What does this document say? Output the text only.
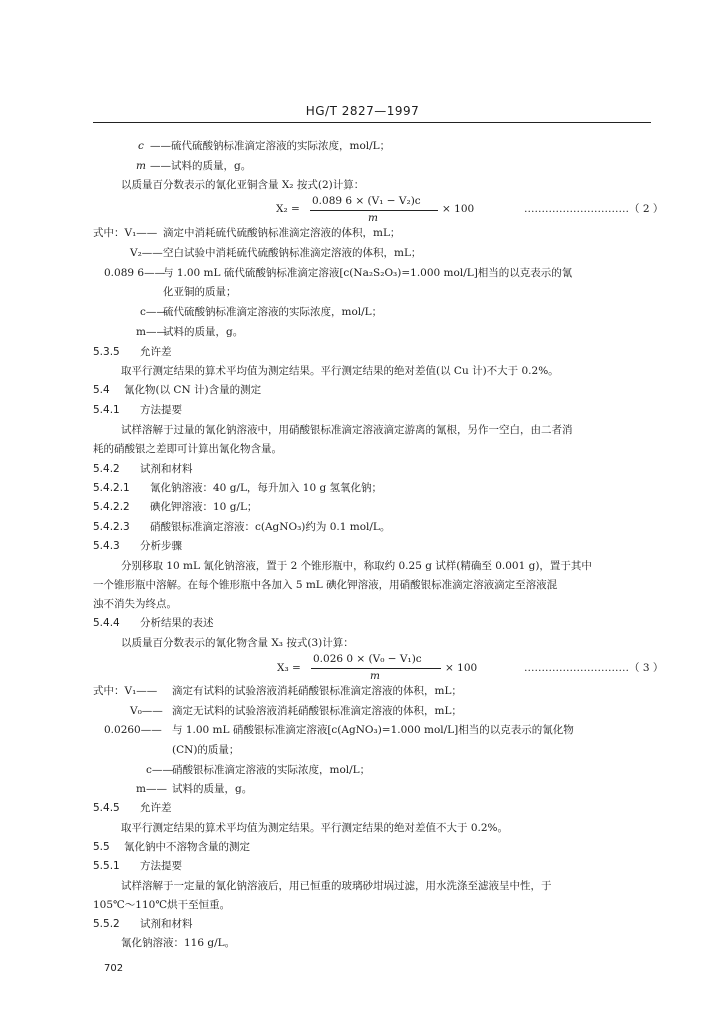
HG/T 2827—1997
c ——硫代硫酸钠标准滴定溶液的实际浓度，mol/L；
m ——试料的质量，g。
以质量百分数表示的氰化亚铜含量 X₂ 按式(2)计算：
X₂ =
0.089 6 × (V₁ − V₂)c
m
× 100	…………………………（ 2 ）
式中：V₁—— 滴定中消耗硫代硫酸钠标准滴定溶液的体积，mL；
V₂—— 空白试验中消耗硫代硫酸钠标准滴定溶液的体积，mL；
0.089 6——
与 1.00 mL 硫代硫酸钠标准滴定溶液[c(Na₂S₂O₃)=1.000 mol/L]相当的以克表示的氰
化亚铜的质量；
c——
硫代硫酸钠标准滴定溶液的实际浓度，mol/L；
m——
试料的质量，g。
5.3.5 允许差
取平行测定结果的算术平均值为测定结果。平行测定结果的绝对差值(以 Cu 计)不大于 0.2%。
5.4 氰化物(以 CN 计)含量的测定
5.4.1 方法提要
试样溶解于过量的氰化钠溶液中，用硝酸银标准滴定溶液滴定游离的氰根，另作一空白，由二者消
耗的硝酸银之差即可计算出氰化物含量。
5.4.2 试剂和材料
5.4.2.1 氰化钠溶液：40 g/L，每升加入 10 g 氢氧化钠；
5.4.2.2 碘化钾溶液：10 g/L；
5.4.2.3 硝酸银标准滴定溶液：c(AgNO₃)约为 0.1 mol/L。
5.4.3 分析步骤
分别移取 10 mL 氰化钠溶液，置于 2 个锥形瓶中，称取约 0.25 g 试样(精确至 0.001 g)，置于其中
一个锥形瓶中溶解。在每个锥形瓶中各加入 5 mL 碘化钾溶液，用硝酸银标准滴定溶液滴定至溶液混
浊不消失为终点。
5.4.4 分析结果的表述
以质量百分数表示的氰化物含量 X₃ 按式(3)计算：
X₃ =
0.026 0 × (V₀ − V₁)c
m
× 100	…………………………（ 3 ）
式中：V₁—— 滴定有试料的试验溶液消耗硝酸银标准滴定溶液的体积，mL；
V₀—— 滴定无试料的试验溶液消耗硝酸银标准滴定溶液的体积，mL；
0.0260—— 与 1.00 mL 硝酸银标准滴定溶液[c(AgNO₃)=1.000 mol/L]相当的以克表示的氰化物
(CN)的质量；
c—— 硝酸银标准滴定溶液的实际浓度，mol/L；
m—— 试料的质量，g。
5.4.5 允许差
取平行测定结果的算术平均值为测定结果。平行测定结果的绝对差值不大于 0.2%。
5.5 氰化钠中不溶物含量的测定
5.5.1 方法提要
试样溶解于一定量的氰化钠溶液后，用已恒重的玻璃砂坩埚过滤，用水洗涤至滤液呈中性，于
105℃～110℃烘干至恒重。
5.5.2 试剂和材料
氰化钠溶液：116 g/L。
702
